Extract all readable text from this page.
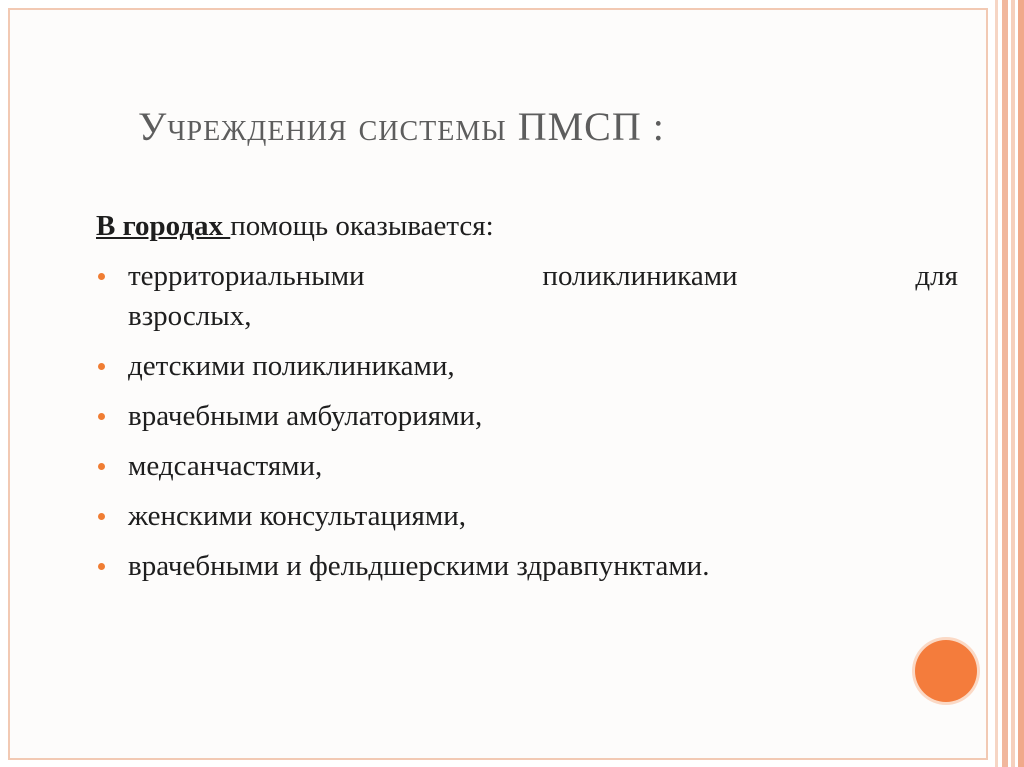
Учреждения системы ПМСП :

В городах помощь оказывается:

территориальными	поликлиниками	для
взрослых,
детскими поликлиниками,
врачебными амбулаториями,
медсанчастями,
женскими консультациями,
врачебными и фельдшерскими здравпунктами.
